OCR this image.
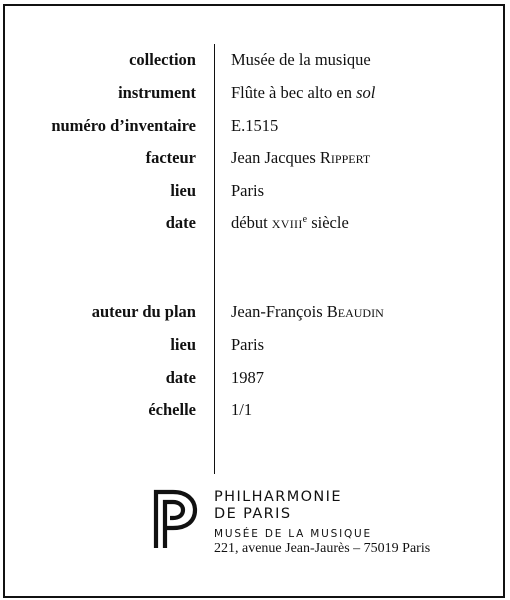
collection Musée de la musique
instrument Flûte à bec alto en sol
numéro d’inventaire E.1515
facteur Jean Jacques Rippert
lieu Paris
date début xviii$^e$ siècle
auteur du plan Jean-François Beaudin
lieu Paris
date 1987
échelle 1/1
PHILHARMONIE
DE PARIS
MUSÉE DE LA MUSIQUE
221, avenue Jean-Jaurès – 75019 Paris
